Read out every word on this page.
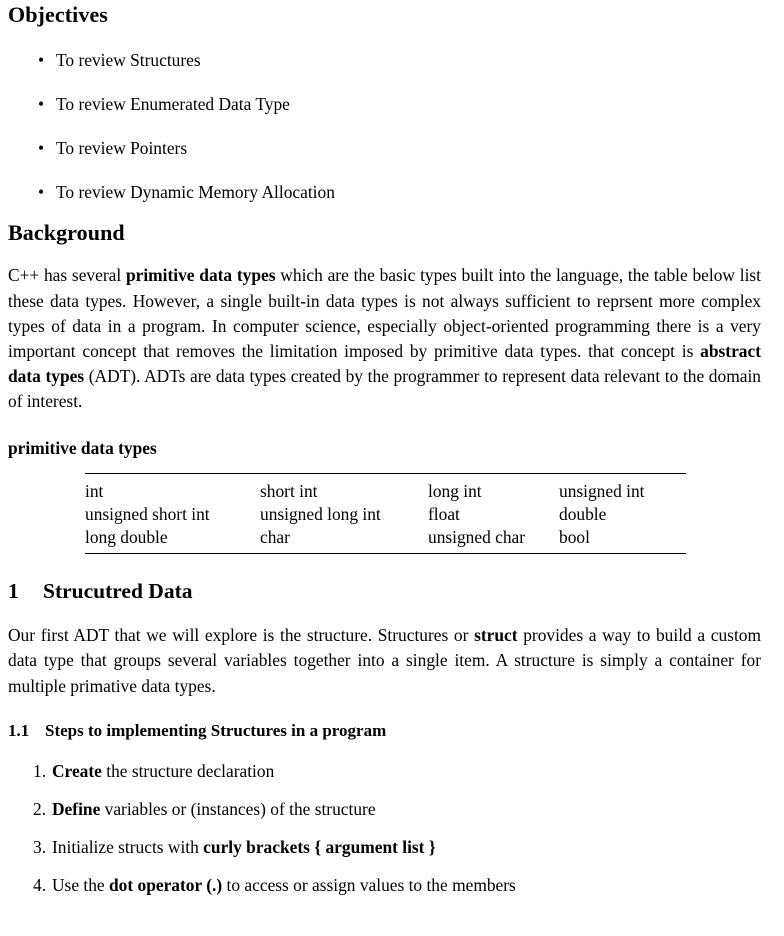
Objectives
• To review Structures
• To review Enumerated Data Type
• To review Pointers
• To review Dynamic Memory Allocation
Background

C++ has several primitive data types which are the basic types built into the language, the table below list these data types. However, a single built-in data types is not always sufficient to reprsent more complex types of data in a program. In computer science, especially object-oriented programming there is a very important concept that removes the limitation imposed by primitive data types. that concept is abstract data types (ADT). ADTs are data types created by the programmer to represent data relevant to the domain of interest.

primitive data types
int	short int	long int	unsigned int
unsigned short int	unsigned long int	float	double
long double	char	unsigned char	bool
1	Strucutred Data

Our first ADT that we will explore is the structure. Structures or struct provides a way to build a custom data type that groups several variables together into a single item. A structure is simply a container for multiple primative data types.

1.1 Steps to implementing Structures in a program
1. Create the structure declaration
2. Define variables or (instances) of the structure
3. Initialize structs with curly brackets { argument list }
4. Use the dot operator (.) to access or assign values to the members
